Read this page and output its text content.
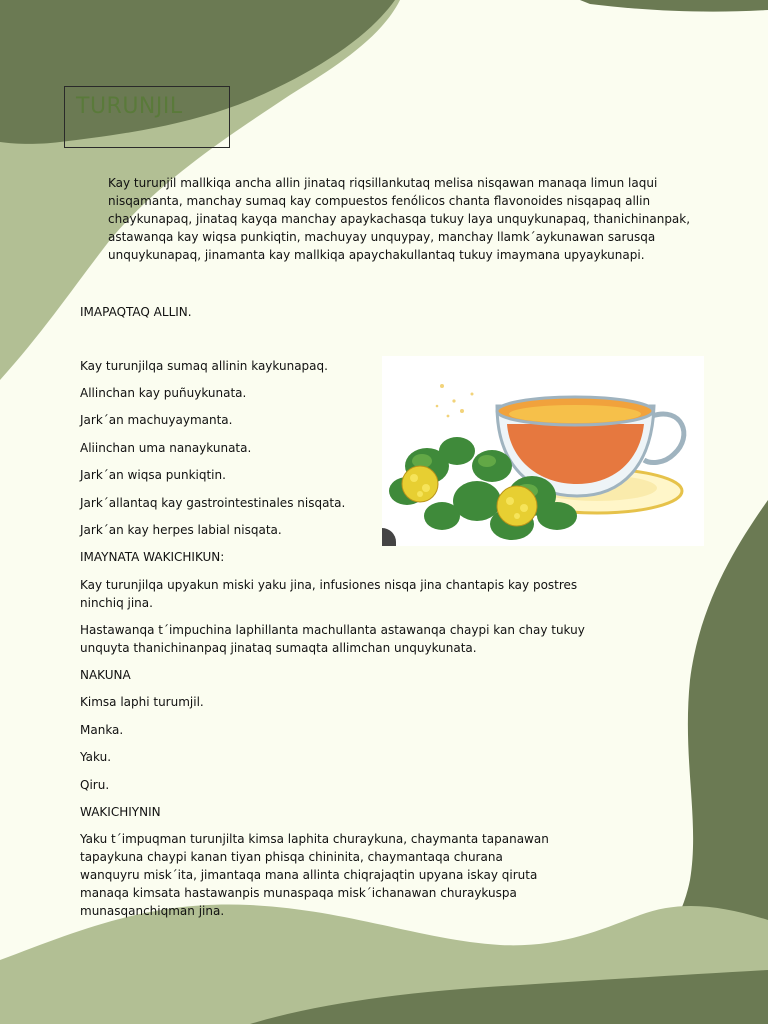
TURUNJIL

Kay turunjil mallkiqa ancha allin jinataq riqsillankutaq melisa nisqawan manaqa limun laqui nisqamanta, manchay sumaq kay compuestos fenólicos chanta flavonoides nisqapaq allin chaykunapaq, jinataq kayqa manchay apaykachasqa tukuy laya unquykunapaq, thanichinanpak, astawanqa kay wiqsa punkiqtin, machuyay unquypay, manchay llamk´aykunawan sarusqa unquykunapaq, jinamanta kay mallkiqa apaychakullantaq tukuy imaymana upyaykunapi.

IMAPAQTAQ ALLIN.
Kay turunjilqa sumaq allinin kaykunapaq.
Allinchan kay puñuykunata.
Jark´an machuyaymanta.
Aliinchan uma nanaykunata.
Jark´an wiqsa punkiqtin.
Jark´allantaq kay gastrointestinales nisqata.
Jark´an kay herpes labial nisqata.
IMAYNATA WAKICHIKUN:

Kay turunjilqa upyakun miski yaku jina, infusiones nisqa jina chantapis kay postres ninchiq jina.

Hastawanqa t´impuchina laphillanta machullanta astawanqa chaypi kan chay tukuy unquyta thanichinanpaq jinataq sumaqta allimchan unquykunata.

NAKUNA
Kimsa laphi turumjil.
Manka.
Yaku.
Qiru.
WAKICHIYNIN

Yaku t´impuqman turunjilta kimsa laphita churaykuna, chaymanta tapanawan tapaykuna chaypi kanan tiyan phisqa chininita, chaymantaqa churana wanquyru misk´ita, jimantaqa mana allinta chiqrajaqtin upyana iskay qiruta manaqa kimsata hastawanpis munaspaqa misk´ichanawan churaykuspa munasqanchiqman jina.
